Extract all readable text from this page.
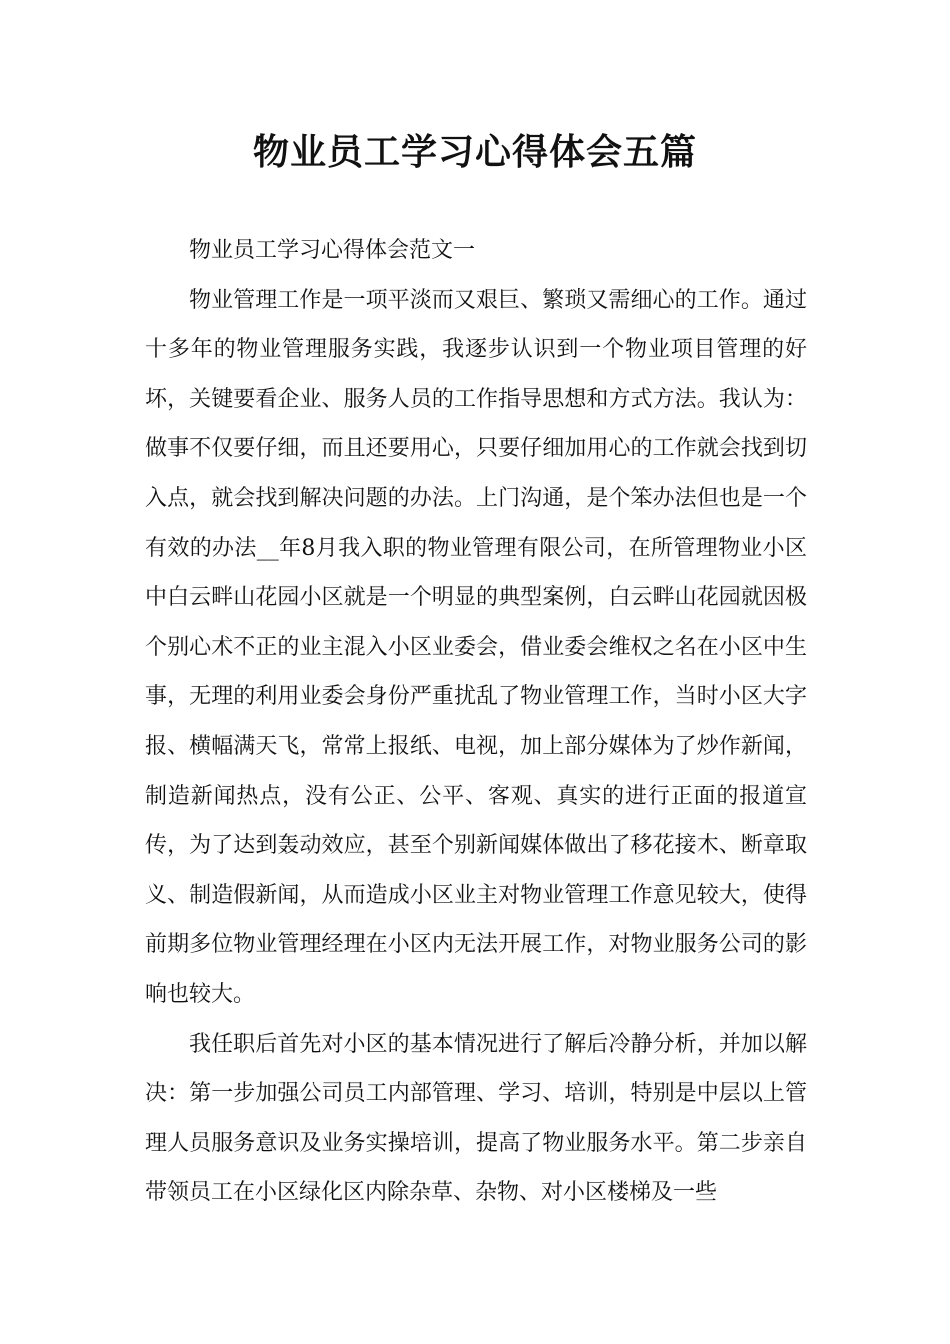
物业员工学习心得体会五篇

物业员工学习心得体会范文一

物业管理工作是一项平淡而又艰巨、繁琐又需细心的工作。通过十多年的物业管理服务实践，我逐步认识到一个物业项目管理的好坏，关键要看企业、服务人员的工作指导思想和方式方法。我认为：做事不仅要仔细，而且还要用心，只要仔细加用心的工作就会找到切入点，就会找到解决问题的办法。上门沟通，是个笨办法但也是一个有效的办法__年8月我入职的物业管理有限公司，在所管理物业小区中白云畔山花园小区就是一个明显的典型案例，白云畔山花园就因极个别心术不正的业主混入小区业委会，借业委会维权之名在小区中生事，无理的利用业委会身份严重扰乱了物业管理工作，当时小区大字报、横幅满天飞，常常上报纸、电视，加上部分媒体为了炒作新闻，制造新闻热点，没有公正、公平、客观、真实的进行正面的报道宣传，为了达到轰动效应，甚至个别新闻媒体做出了移花接木、断章取义、制造假新闻，从而造成小区业主对物业管理工作意见较大，使得前期多位物业管理经理在小区内无法开展工作，对物业服务公司的影响也较大。

我任职后首先对小区的基本情况进行了解后冷静分析，并加以解决：第一步加强公司员工内部管理、学习、培训，特别是中层以上管理人员服务意识及业务实操培训，提高了物业服务水平。第二步亲自带领员工在小区绿化区内除杂草、杂物、对小区楼梯及一些
